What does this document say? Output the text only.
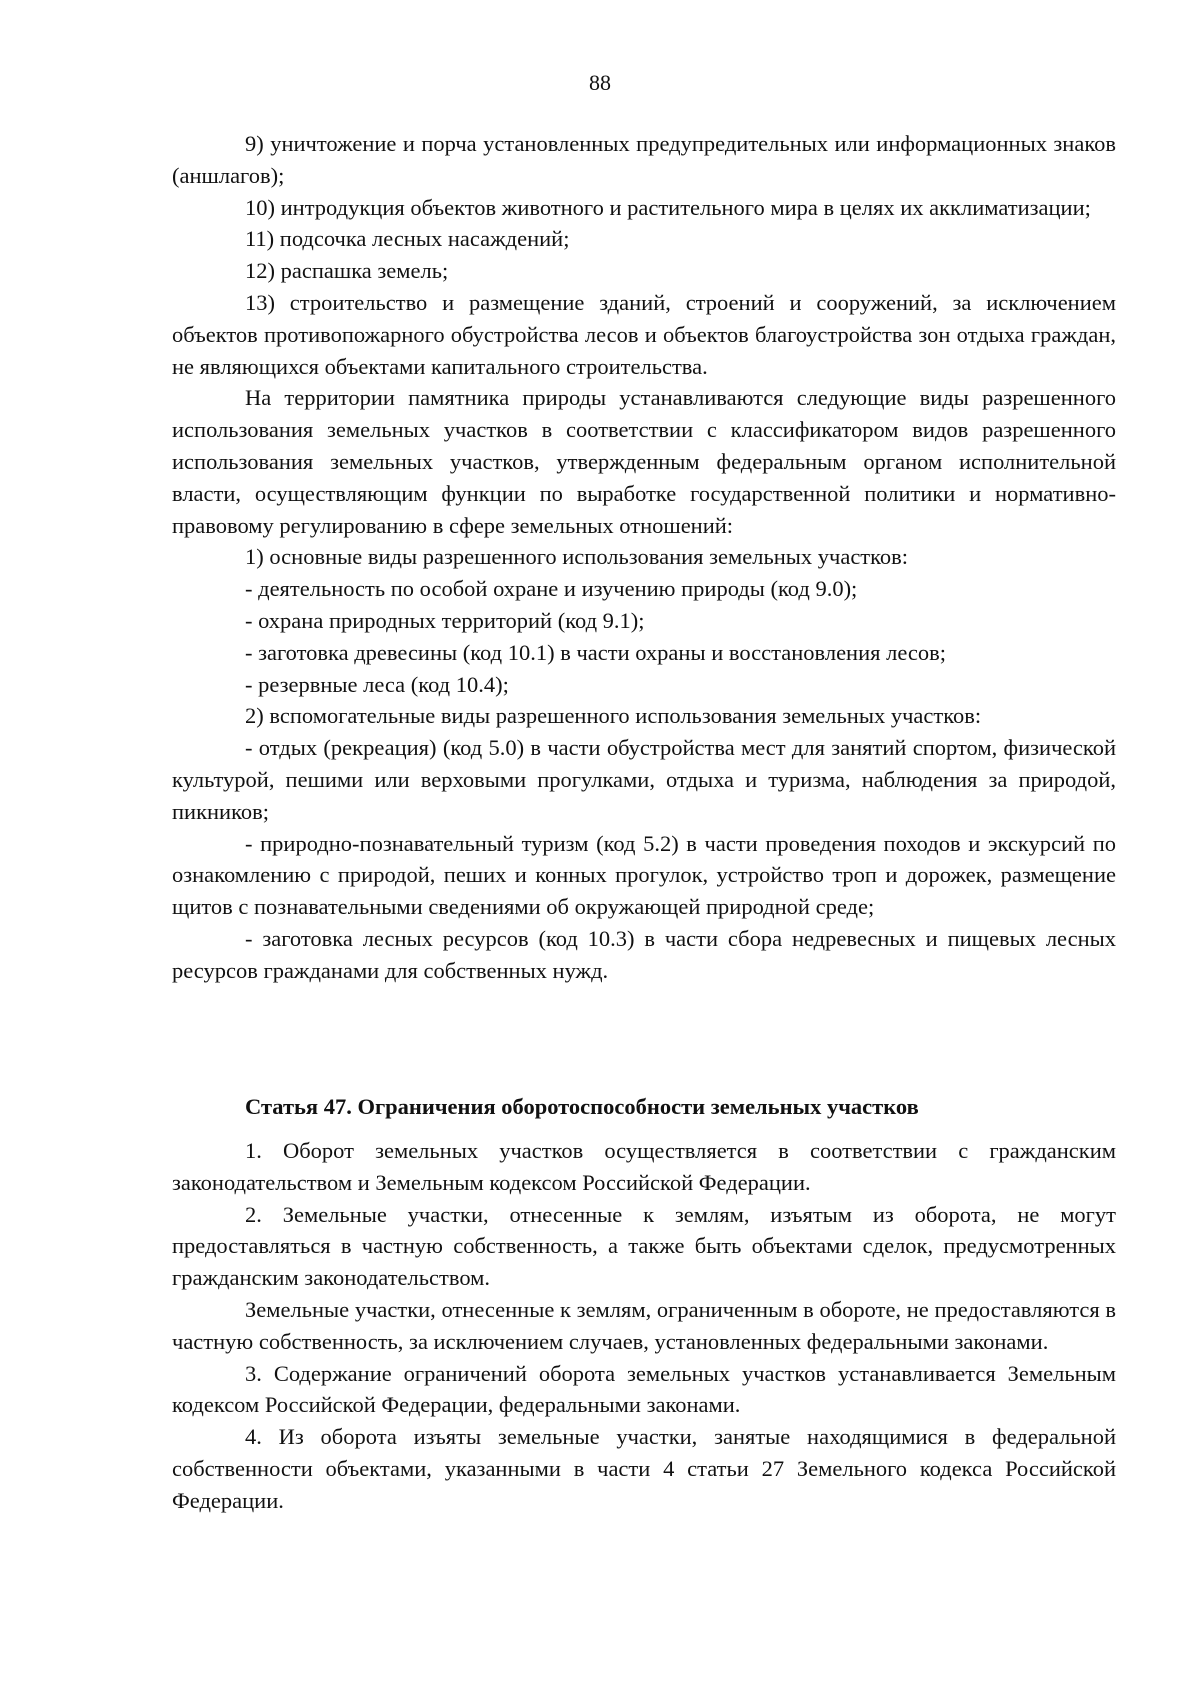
88

9) уничтожение и порча установленных предупредительных или информационных знаков (аншлагов);

10) интродукция объектов животного и растительного мира в целях их акклиматизации;

11) подсочка лесных насаждений;

12) распашка земель;

13) строительство и размещение зданий, строений и сооружений, за исключением объектов противопожарного обустройства лесов и объектов благоустройства зон отдыха граждан, не являющихся объектами капитального строительства.

На территории памятника природы устанавливаются следующие виды разрешенного использования земельных участков в соответствии с классификатором видов разрешенного использования земельных участков, утвержденным федеральным органом исполнительной власти, осуществляющим функции по выработке государственной политики и нормативно-правовому регулированию в сфере земельных отношений:

1) основные виды разрешенного использования земельных участков:

- деятельность по особой охране и изучению природы (код 9.0);

- охрана природных территорий (код 9.1);

- заготовка древесины (код 10.1) в части охраны и восстановления лесов;

- резервные леса (код 10.4);

2) вспомогательные виды разрешенного использования земельных участков:

- отдых (рекреация) (код 5.0) в части обустройства мест для занятий спортом, физической культурой, пешими или верховыми прогулками, отдыха и туризма, наблюдения за природой, пикников;

- природно-познавательный туризм (код 5.2) в части проведения походов и экскурсий по ознакомлению с природой, пеших и конных прогулок, устройство троп и дорожек, размещение щитов с познавательными сведениями об окружающей природной среде;

- заготовка лесных ресурсов (код 10.3) в части сбора недревесных и пищевых лесных ресурсов гражданами для собственных нужд.

Статья 47. Ограничения оборотоспособности земельных участков

1. Оборот земельных участков осуществляется в соответствии с гражданским законодательством и Земельным кодексом Российской Федерации.

2. Земельные участки, отнесенные к землям, изъятым из оборота, не могут предоставляться в частную собственность, а также быть объектами сделок, предусмотренных гражданским законодательством.

Земельные участки, отнесенные к землям, ограниченным в обороте, не предоставляются в частную собственность, за исключением случаев, установленных федеральными законами.

3. Содержание ограничений оборота земельных участков устанавливается Земельным кодексом Российской Федерации, федеральными законами.

4. Из оборота изъяты земельные участки, занятые находящимися в федеральной собственности объектами, указанными в части 4 статьи 27 Земельного кодекса Российской Федерации.
